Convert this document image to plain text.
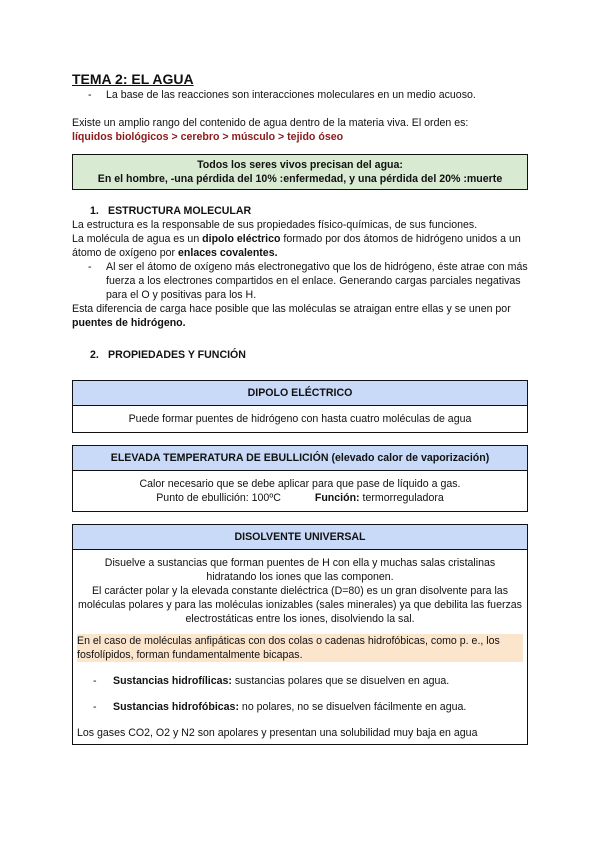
TEMA 2: EL AGUA
- La base de las reacciones son interacciones moleculares en un medio acuoso.

Existe un amplio rango del contenido de agua dentro de la materia viva. El orden es:

líquidos biológicos > cerebro > músculo > tejido óseo

Todos los seres vivos precisan del agua:
En el hombre, -una pérdida del 10% :enfermedad, y una pérdida del 20% :muerte
1. ESTRUCTURA MOLECULAR

La estructura es la responsable de sus propiedades físico-químicas, de sus funciones.

La molécula de agua es un dipolo eléctrico formado por dos átomos de hidrógeno unidos a un átomo de oxígeno por enlaces covalentes.

- Al ser el átomo de oxígeno más electronegativo que los de hidrógeno, éste atrae con más fuerza a los electrones compartidos en el enlace. Generando cargas parciales negativas para el O y positivas para los H.

Esta diferencia de carga hace posible que las moléculas se atraigan entre ellas y se unen por puentes de hidrógeno.

2. PROPIEDADES Y FUNCIÓN
DIPOLO ELÉCTRICO
Puede formar puentes de hidrógeno con hasta cuatro moléculas de agua
ELEVADA TEMPERATURA DE EBULLICIÓN (elevado calor de vaporización)
Calor necesario que se debe aplicar para que pase de líquido a gas.
Punto de ebullición: 100ºC	Función: termorreguladora
DISOLVENTE UNIVERSAL
Disuelve a sustancias que forman puentes de H con ella y muchas salas cristalinas hidratando los iones que las componen.
El carácter polar y la elevada constante dieléctrica (D=80) es un gran disolvente para las moléculas polares y para las moléculas ionizables (sales minerales) ya que debilita las fuerzas electrostáticas entre los iones, disolviendo la sal.
En el caso de moléculas anfipáticas con dos colas o cadenas hidrofóbicas, como p. e., los fosfolípidos, forman fundamentalmente bicapas.
- Sustancias hidrofílicas: sustancias polares que se disuelven en agua.
- Sustancias hidrofóbicas: no polares, no se disuelven fácilmente en agua.
Los gases CO2, O2 y N2 son apolares y presentan una solubilidad muy baja en agua
